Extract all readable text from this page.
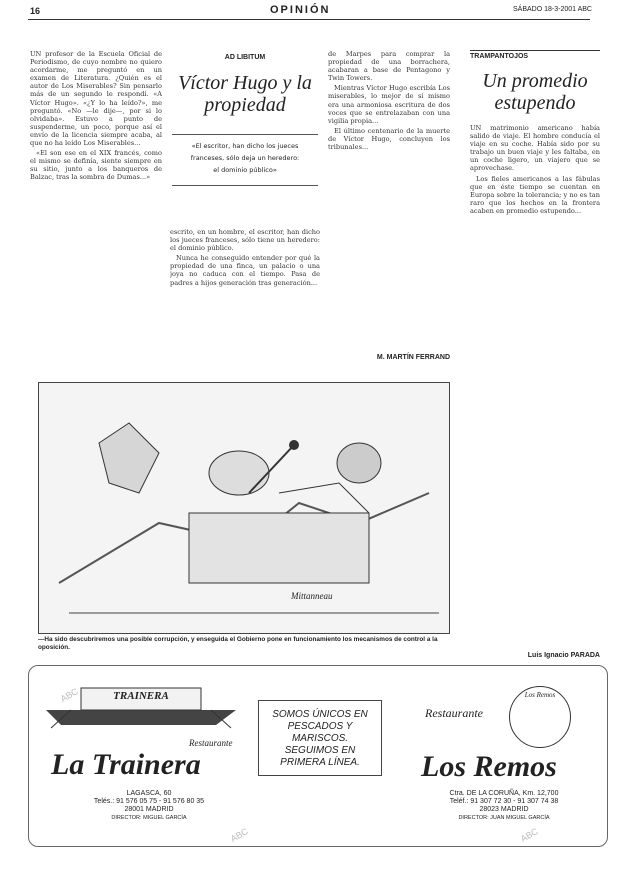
16	OPINIÓN	SÁBADO 18-3-2001 ABC

UN profesor de la Escuela Oficial de Periodismo, de cuyo nombre no quiero acordarme, me preguntó en un examen de Literatura. ¿Quién es el autor de Los Miserables? Sin pensarlo más de un segundo le respondí. «A Víctor Hugo». «¿Y lo ha leído?», me preguntó. «No —le dije—, por si lo olvidaba». Estuvo a punto de suspenderme, un poco, porque así el envío de la licencia siempre acaba, al que no ha leído Los Miserables...

«El son ese en el XIX francés, como el mismo se definía, siente siempre en su sitio, junto a los banqueros de Balzac, tras la sombra de Dumas...»

AD LIBITUM
Víctor Hugo y la propiedad
«El escritor, han dicho los jueces
franceses, sólo deja un heredero:
el dominio público»

escrito, en un hombre, el escritor, han dicho los jueces franceses, sólo tiene un heredero: el dominio público.

Nunca he conseguido entender por qué la propiedad de una finca, un palacio o una joya no caduca con el tiempo. Pasa de padres a hijos generación tras generación...

de Marpes para comprar la propiedad de una borrachera, acabaran a base de Pentagono y Twin Towers.

Mientras Víctor Hugo escribía Los miserables, lo mejor de sí mismo era una armoniosa escritura de dos voces que se entrelazaban con una vigilia propia...

El último centenario de la muerte de Víctor Hugo, concluyen los tribunales...

M. MARTÍN FERRAND
Mittanneau
—Ha sido descubriremos una posible corrupción, y enseguida el Gobierno pone en funcionamiento los mecanismos de control a la oposición.
TRAMPANTOJOS
Un promedio estupendo

UN matrimonio americano había salido de viaje. El hombre conducía el viaje en su coche. Había sido por su trabajo un buen viaje y les faltaba, en un coche ligero, un viajero que se aprovechase.

Los fieles americanos a las fábulas que en éste tiempo se cuentan en Europa sobre la tolerancia; y no es tan raro que los hechos en la frontera acaben en promedio estupendo...

Luis Ignacio PARADA
TRAINERA
Restaurante
La Trainera
LAGASCA, 60
Telés.: 91 576 05 75 - 91 576 80 35
28001 MADRID
DIRECTOR: MIGUEL GARCÍA
Los Remos
Restaurante
Los Remos
Ctra. DE LA CORUÑA, Km. 12,700
Teléf.: 91 307 72 30 - 91 307 74 38
28023 MADRID
DIRECTOR: JUAN MIGUEL GARCÍA
SOMOS ÚNICOS EN
PESCADOS Y MARISCOS.
SEGUIMOS EN
PRIMERA LÍNEA.
ABC
ABC	ABC
